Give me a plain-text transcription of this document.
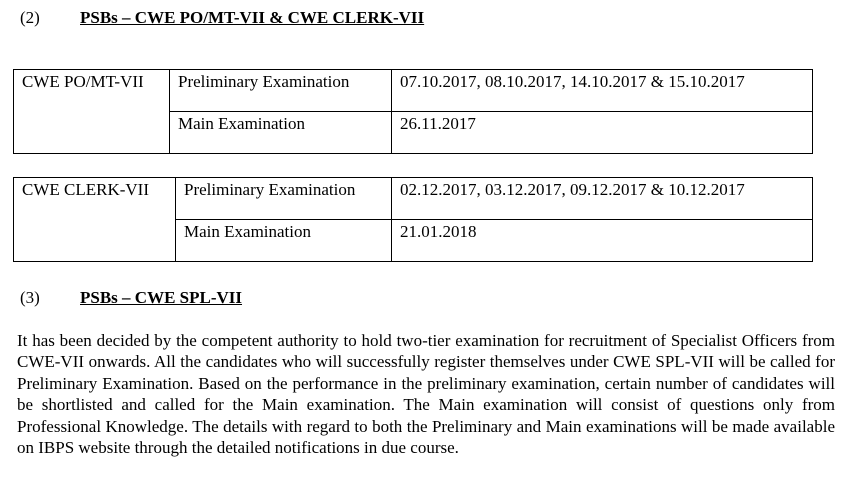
(2) PSBs – CWE PO/MT-VII & CWE CLERK-VII
CWE PO/MT-VII	Preliminary Examination	07.10.2017, 08.10.2017, 14.10.2017 & 15.10.2017
	Main Examination	26.11.2017
CWE CLERK-VII	Preliminary Examination	02.12.2017, 03.12.2017, 09.12.2017 & 10.12.2017
	Main Examination	21.01.2018
(3) PSBs – CWE SPL-VII
It has been decided by the competent authority to hold two-tier examination for recruitment of Specialist Officers from CWE-VII onwards. All the candidates who will successfully register themselves under CWE SPL-VII will be called for Preliminary Examination. Based on the performance in the preliminary examination, certain number of candidates will be shortlisted and called for the Main examination. The Main examination will consist of questions only from Professional Knowledge. The details with regard to both the Preliminary and Main examinations will be made available on IBPS website through the detailed notifications in due course.
